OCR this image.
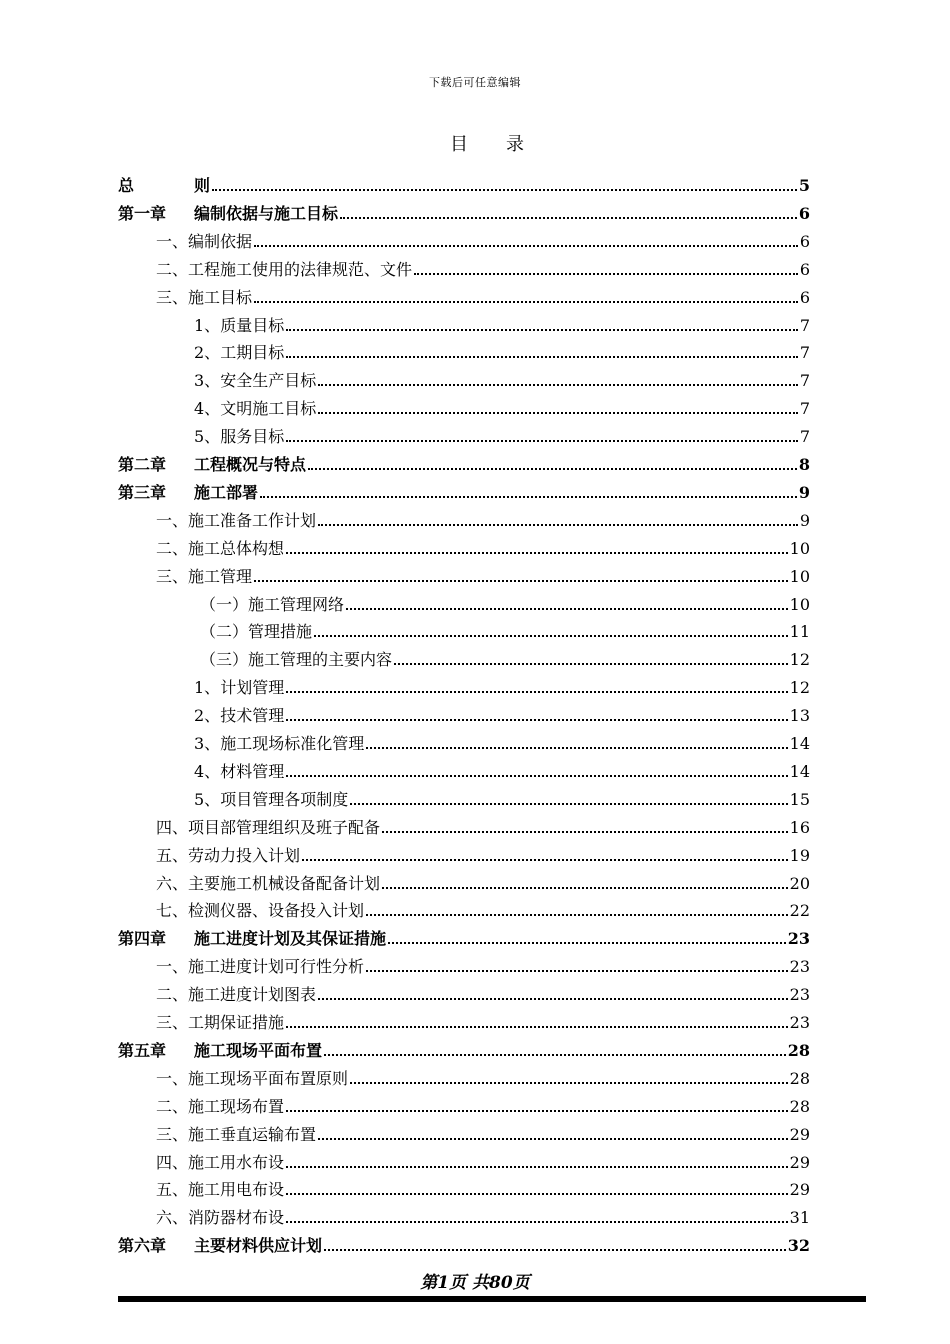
下载后可任意编辑
目　录
总	则	5
第一章	编制依据与施工目标	6
一、 编制依据	6
二、 工程施工使用的法律规范、文件	6
三、 施工目标	6
1、 质量目标	7
2、 工期目标	7
3、 安全生产目标	7
4、 文明施工目标	7
5、 服务目标	7
第二章	工程概况与特点	8
第三章	施工部署	9
一、 施工准备工作计划	9
二、 施工总体构想	10
三、 施工管理	10
（一） 施工管理网络	10
（二） 管理措施	11
（三） 施工管理的主要内容	12
1、 计划管理	12
2、 技术管理	13
3、 施工现场标准化管理	14
4、 材料管理	14
5、 项目管理各项制度	15
四、 项目部管理组织及班子配备	16
五、 劳动力投入计划	19
六、 主要施工机械设备配备计划	20
七、 检测仪器、设备投入计划	22
第四章	施工进度计划及其保证措施	23
一、 施工进度计划可行性分析	23
二、 施工进度计划图表	23
三、 工期保证措施	23
第五章	施工现场平面布置	28
一、 施工现场平面布置原则	28
二、 施工现场布置	28
三、 施工垂直运输布置	29
四、 施工用水布设	29
五、 施工用电布设	29
六、 消防器材布设	31
第六章	主要材料供应计划	32
第1页 共80页
